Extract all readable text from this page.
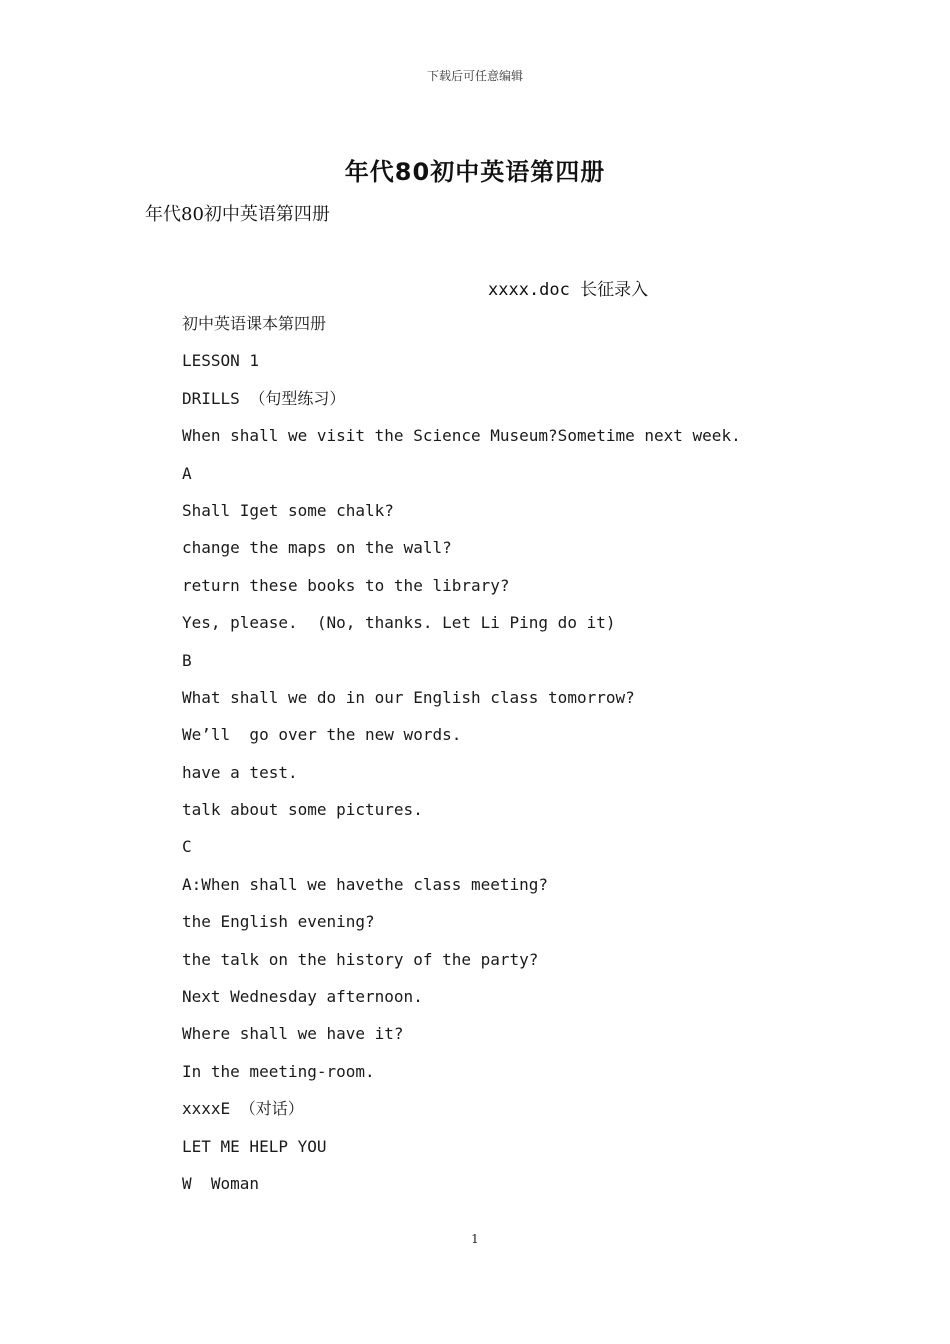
下载后可任意编辑
年代80初中英语第四册
年代80初中英语第四册
xxxx.doc 长征录入
初中英语课本第四册
LESSON 1
DRILLS （句型练习）
When shall we visit the Science Museum?Sometime next week.
A
Shall Iget some chalk?
change the maps on the wall?
return these books to the library?
Yes, please.  (No, thanks. Let Li Ping do it)
B
What shall we do in our English class tomorrow?
We’ll  go over the new words.
have a test.
talk about some pictures.
C
A:When shall we havethe class meeting?
the English evening?
the talk on the history of the party?
Next Wednesday afternoon.
Where shall we have it?
In the meeting-room.
xxxxE （对话）
LET ME HELP YOU
W  Woman
1
